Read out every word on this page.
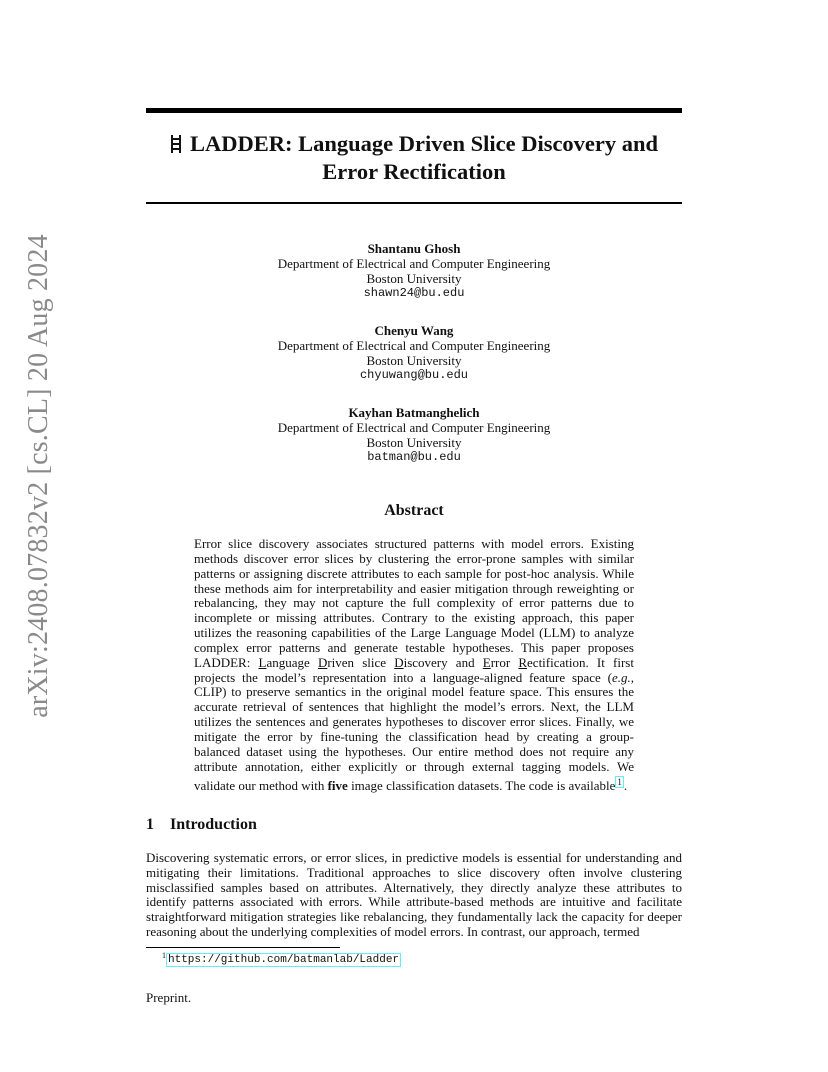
arXiv:2408.07832v2 [cs.CL] 20 Aug 2024
LADDER: Language Driven Slice Discovery and
Error Rectification
Shantanu Ghosh
Department of Electrical and Computer Engineering
Boston University
shawn24@bu.edu
Chenyu Wang
Department of Electrical and Computer Engineering
Boston University
chyuwang@bu.edu
Kayhan Batmanghelich
Department of Electrical and Computer Engineering
Boston University
batman@bu.edu
Abstract
Error slice discovery associates structured patterns with model errors. Existing methods discover error slices by clustering the error-prone samples with similar patterns or assigning discrete attributes to each sample for post-hoc analysis. While these methods aim for interpretability and easier mitigation through reweighting or rebalancing, they may not capture the full complexity of error patterns due to incomplete or missing attributes. Contrary to the existing approach, this paper utilizes the reasoning capabilities of the Large Language Model (LLM) to analyze complex error patterns and generate testable hypotheses. This paper proposes LADDER: Language Driven slice Discovery and Error Rectification. It first projects the model’s representation into a language-aligned feature space (e.g., CLIP) to preserve semantics in the original model feature space. This ensures the accurate retrieval of sentences that highlight the model’s errors. Next, the LLM utilizes the sentences and generates hypotheses to discover error slices. Finally, we mitigate the error by fine-tuning the classification head by creating a group-balanced dataset using the hypotheses. Our entire method does not require any attribute annotation, either explicitly or through external tagging models. We validate our method with five image classification datasets. The code is available $^1$ .
1 Introduction
Discovering systematic errors, or error slices, in predictive models is essential for understanding and mitigating their limitations. Traditional approaches to slice discovery often involve clustering misclassified samples based on attributes. Alternatively, they directly analyze these attributes to identify patterns associated with errors. While attribute-based methods are intuitive and facilitate straightforward mitigation strategies like rebalancing, they fundamentally lack the capacity for deeper reasoning about the underlying complexities of model errors. In contrast, our approach, termed
$^1$ https://github.com/batmanlab/Ladder
Preprint.
